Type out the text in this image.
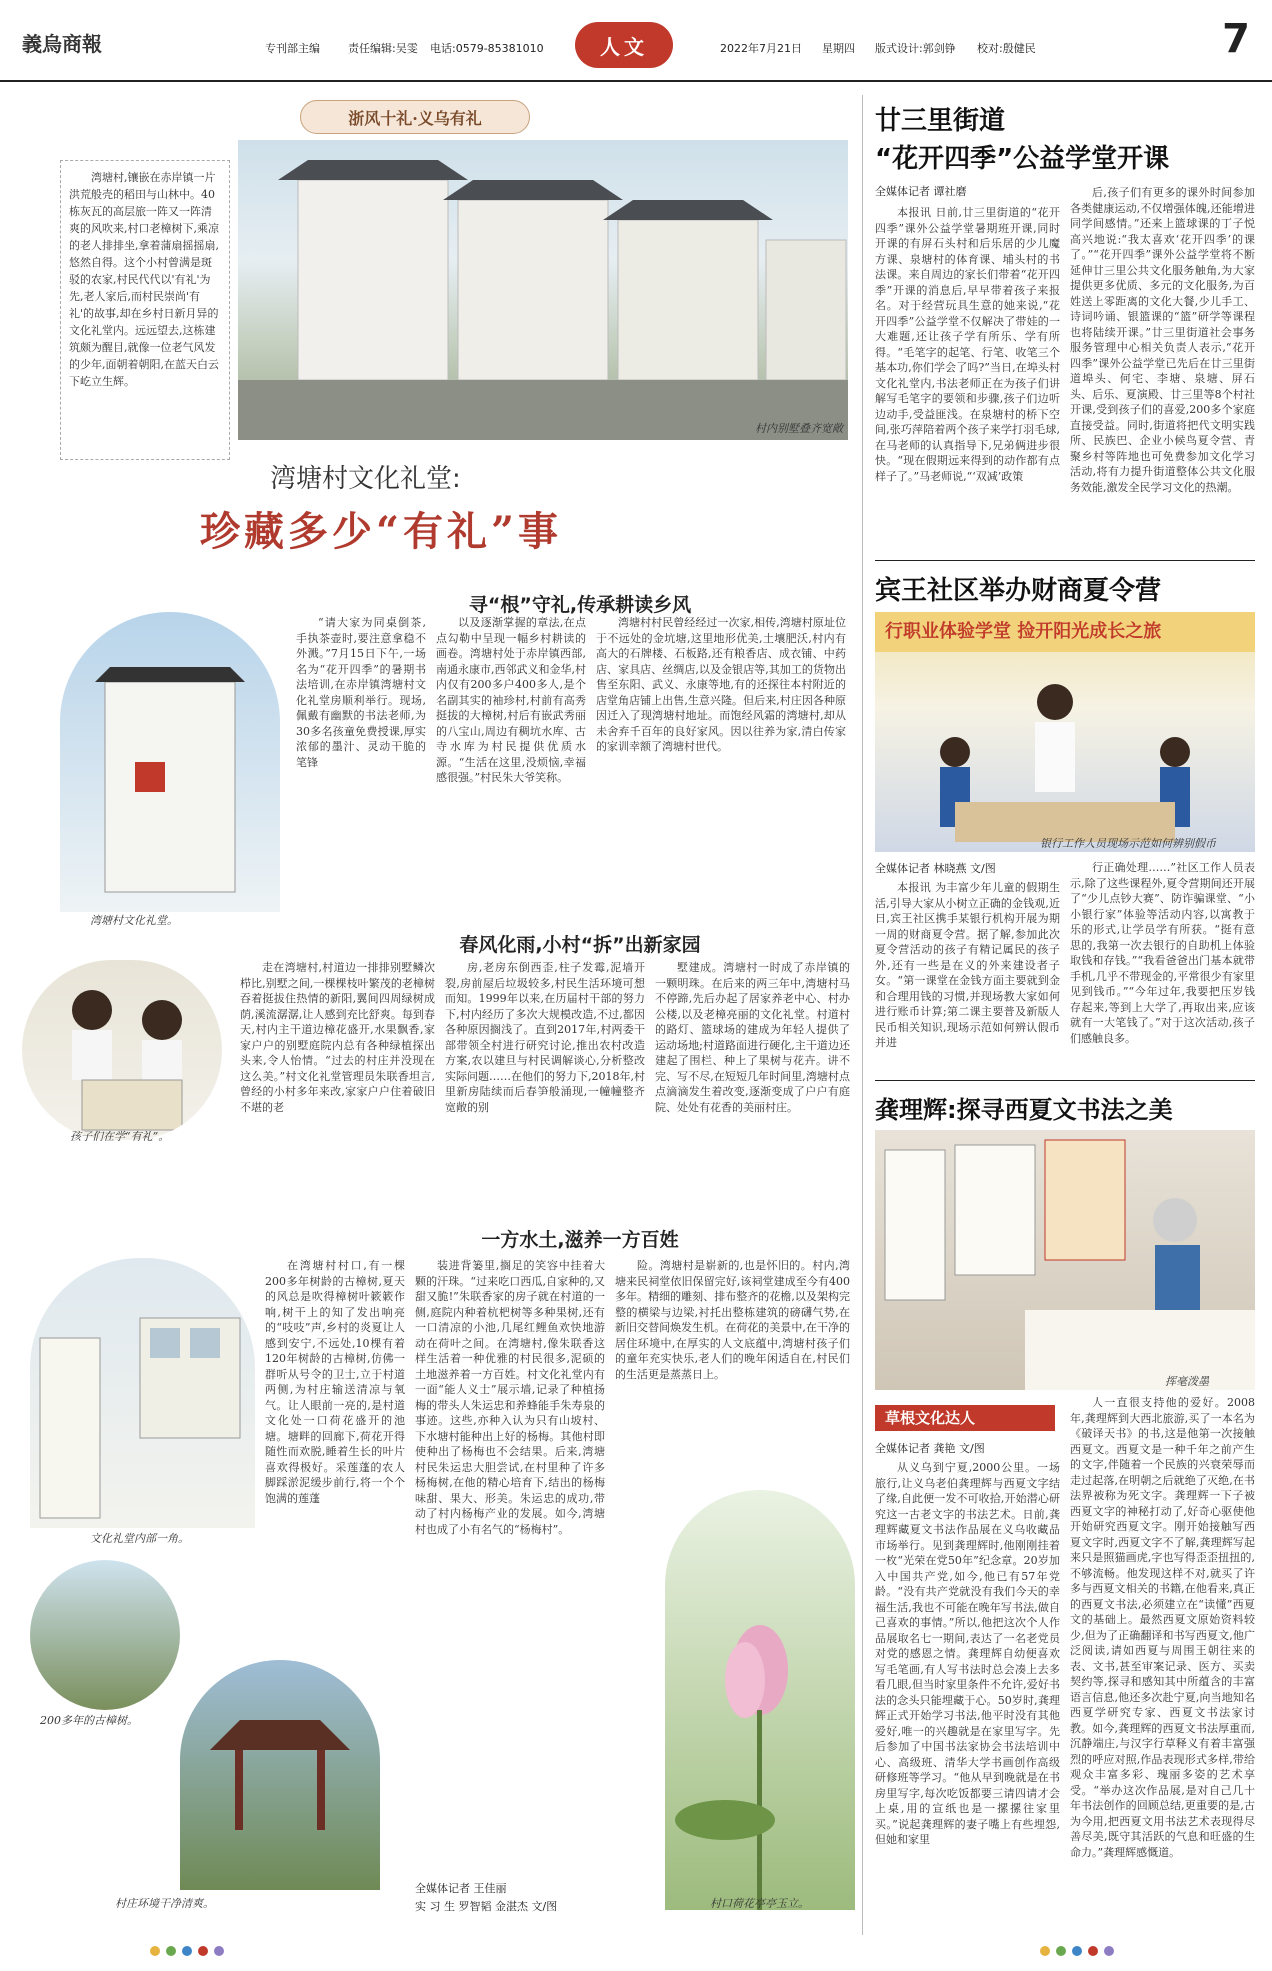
義烏商報	专刊部主编	责任编辑:吴雯 电话:0579-85381010	人文	2022年7月21日 星期四 版式设计:郭剑铮 校对:殷健民	7
浙风十礼·义乌有礼
湾塘村,镶嵌在赤岸镇一片洪荒般壳的稻田与山林中。40栋灰瓦的高层旅一阵又一阵清爽的风吹来,村口老樟树下,乘凉的老人排排坐,拿着蒲扇摇摇扇,悠然自得。这个小村曾满是斑驳的农家,村民代代以'有礼'为先,老人家后,而村民崇尚'有礼'的故事,却在乡村日新月异的文化礼堂内。远远望去,这栋建筑颇为醒目,就像一位老气风发的少年,面朝着朝阳,在蓝天白云下屹立生辉。
村内别墅叠齐宽敞
湾塘村文化礼堂:
珍藏多少“有礼”事
寻“根”守礼,传承耕读乡风
湾塘村文化礼堂。
“请大家为同桌倒茶,手执茶壶时,要注意拿稳不外溅。”7月15日下午,一场名为“花开四季”的暑期书法培训,在赤岸镇湾塘村文化礼堂房顺利举行。现场,佩戴有幽默的书法老师,为30多名孩童免费授课,厚实浓郁的墨汁、灵动干脆的笔锋
以及逐渐掌握的章法,在点点勾勒中呈现一幅乡村耕读的画卷。湾塘村处于赤岸镇西部,南通永康市,西邻武义和金华,村内仅有200多户400多人,是个名副其实的袖珍村,村前有高秀挺拔的大樟树,村后有嵌武秀丽的八宝山,周边有稠坑水库、古寺水库为村民提供优质水源。“生活在这里,没烦恼,幸福感很强。”村民朱大爷笑称。
湾塘村村民曾经经过一次家,相传,湾塘村原址位于不远处的金坑塘,这里地形优美,土壤肥沃,村内有高大的石牌楼、石板路,还有粮香店、成衣铺、中药店、家具店、丝绸店,以及金银店等,其加工的货物出售至东阳、武义、永康等地,有的还探往本村附近的店堂角店铺上出售,生意兴隆。但后来,村庄因各种原因迁入了现湾塘村地址。而饱经风霜的湾塘村,却从未舍弃千百年的良好家风。因以往养为家,清白传家的家训幸额了湾塘村世代。
春风化雨,小村“拆”出新家园
孩子们在学“有礼”。
走在湾塘村,村道边一排排别墅鳞次栉比,别墅之间,一棵棵枝叶繁茂的老樟树吞着挺拔住热情的新阳,翼间四周绿树成荫,溪流潺潺,让人感到充比舒爽。每到春天,村内主干道边樟花盛开,水果飘香,家家户户的别墅庭院内总有各种绿植探出头来,令人怡情。“过去的村庄并没现在这么美。”村文化礼堂管理员朱联香坦言,曾经的小村多年来改,家家户户住着破旧不堪的老
房,老房东倒西歪,柱子发霉,泥墙开裂,房前屋后垃圾较多,村民生活环境可想而知。1999年以来,在历届村干部的努力下,村内经历了多次大规模改造,不过,都因各种原因搁浅了。直到2017年,村两委干部带领全村进行研究讨论,推出农村改造方案,农以建旦与村民调解谈心,分析整改实际问题……在他们的努力下,2018年,村里新房陆续而后春笋般涌现,一幢幢整齐宽敞的别
墅建成。湾塘村一时成了赤岸镇的一颗明珠。在后来的两三年中,湾塘村马不停蹄,先后办起了居家养老中心、村办公楼,以及老樟亮丽的文化礼堂。村道村的路灯、篮球场的建成为年轻人提供了运动场地;村道路面进行硬化,主干道边还建起了围栏、种上了果树与花卉。讲不完、写不尽,在短短几年时间里,湾塘村点点滴滴发生着改变,逐渐变成了户户有庭院、处处有花香的美丽村庄。
一方水土,滋养一方百姓
文化礼堂内部一角。
200多年的古樟树。
村庄环境干净清爽。
在湾塘村村口,有一棵200多年树龄的古樟树,夏天的风总是吹得樟树叶簌簌作响,树干上的知了发出响亮的“吱吱”声,乡村的炎夏让人感到安宁,不远处,10棵有着120年树龄的古樟树,仿佛一群听从号令的卫士,立于村道两侧,为村庄输送清凉与氧气。让人眼前一亮的,是村道文化处一口荷花盛开的池塘。塘畔的回廊下,荷花开得随性而欢脱,睡着生长的叶片喜欢得极好。采莲蓬的农人脚踩淤泥缓步前行,将一个个饱满的莲蓬
装进背篓里,搁足的笑容中挂着大颗的汗珠。“过来吃口西瓜,自家种的,又甜又脆!”朱联香家的房子就在村道的一侧,庭院内种着杭杷树等多种果树,还有一口清凉的小池,几尾红鲤鱼欢快地游动在荷叶之间。在湾塘村,像朱联香这样生活着一种优雅的村民很多,泥硕的土地滋养着一方百姓。村文化礼堂内有一面“能人义士”展示墙,记录了种植扬梅的带头人朱运忠和养蜂能手朱寿泉的事迹。这些,亦种入认为只有山坡村、下水塘村能种出上好的杨梅。其他村即使种出了杨梅也不会结果。后来,湾塘村民朱运忠大胆尝试,在村里种了许多杨梅树,在他的精心培育下,结出的杨梅味甜、果大、形美。朱运忠的成功,带动了村内杨梅产业的发展。如今,湾塘村也成了小有名气的“杨梅村”。
险。湾塘村是崭新的,也是怀旧的。村内,湾塘来民祠堂依旧保留完好,该祠堂建成至今有400多年。精细的雕刻、排布整齐的花檐,以及架构完整的横梁与边梁,衬托出整栋建筑的磅礴气势,在新旧交替间焕发生机。在荷花的美景中,在干净的居住环境中,在厚实的人文底蕴中,湾塘村孩子们的童年充实快乐,老人们的晚年闲适自在,村民们的生活更是蒸蒸日上。
村口荷花亭亭玉立。
全媒体记者 王佳丽
实 习 生 罗智韬 金湛杰 文/图
廿三里街道
“花开四季”公益学堂开课
全媒体记者 谭社磨
本报讯 日前,廿三里街道的“花开四季”课外公益学堂暑期班开课,同时开课的有屏石头村和后乐居的少儿魔方课、泉塘村的体育课、埔头村的书法课。来自周边的家长们带着“花开四季”开课的消息后,早早带着孩子来报名。对于经营玩具生意的她来说,“花开四季”公益学堂不仅解决了带娃的一大难题,还让孩子学有所乐、学有所得。“毛笔字的起笔、行笔、收笔三个基本功,你们学会了吗?”当日,在埠头村文化礼堂内,书法老师正在为孩子们讲解写毛笔字的要领和步骤,孩子们边听边动手,受益匪浅。在泉塘村的桥下空间,张巧萍陪着两个孩子来学打羽毛球,在马老师的认真指导下,兄弟俩进步很快。“现在假期远来得到的动作都有点样子了。”马老师说,“‘双减’政策
后,孩子们有更多的课外时间参加各类健康运动,不仅增强体魄,还能增进同学间感情。”还来上篮球课的丁子悦高兴地说:“我太喜欢‘花开四季’的课了。”“花开四季”课外公益学堂将不断延伸廿三里公共文化服务触角,为大家提供更多优质、多元的文化服务,为百姓送上零距离的文化大餐,少儿手工、诗词吟诵、银篮课的“篮”研学等课程也将陆续开课。”廿三里街道社会事务服务管理中心相关负责人表示,“花开四季”课外公益学堂已先后在廿三里街道埠头、何宅、李塘、泉塘、屏石头、后乐、夏演殿、廿三里等8个村社开课,受到孩子们的喜爱,200多个家庭直接受益。同时,街道将把代文明实践所、民族巴、企业小候鸟夏令营、青聚乡村等阵地也可免费参加文化学习活动,将有力提升街道整体公共文化服务效能,激发全民学习文化的热潮。
宾王社区举办财商夏令营
行职业体验学堂 捡开阳光成长之旅
银行工作人员现场示范如何辨别假币
全媒体记者 林晓燕 文/图
本报讯 为丰富少年儿童的假期生活,引导大家从小树立正确的金钱观,近日,宾王社区携手某银行机构开展为期一周的财商夏令营。据了解,参加此次夏令营活动的孩子有精记属民的孩子外,还有一些是在义的外来建设者子女。“第一课堂在金钱方面主要就到金和合理用钱的习惯,并现场教大家如何进行账币计算;第二课主要普及新版人民币相关知识,现场示范如何辨认假币并进
行正确处理……”社区工作人员表示,除了这些课程外,夏令营期间还开展了“少儿点钞大赛”、防诈骗课堂、“小小银行家”体验等活动内容,以寓教于乐的形式,让学员学有所获。“挺有意思的,我第一次去银行的自助机上体验取钱和存钱。”“我看爸爸出门基本就带手机,几乎不带现金的,平常很少有家里见到钱币。”“今年过年,我要把压岁钱存起来,等到上大学了,再取出来,应该就有一大笔钱了。”对于这次活动,孩子们感触良多。
龚理辉:探寻西夏文书法之美
挥毫泼墨
草根文化达人
全媒体记者 龚艳 文/图
从义乌到宁夏,2000公里。一场旅行,让义乌老伯龚理辉与西夏文字结了缘,自此便一发不可收拾,开始潜心研究这一古老文字的书法艺术。日前,龚理辉藏夏文书法作品展在义乌收藏品市场举行。见到龚理辉时,他刚刚挂着一枚“光荣在党50年”纪念章。20岁加入中国共产党,如今,他已有57年党龄。“没有共产党就没有我们今天的幸福生活,我也不可能在晚年写书法,做自己喜欢的事情。”所以,他把这次个人作品展取名七一期间,表达了一名老党员对党的感恩之情。龚理辉自幼便喜欢写毛笔画,有人写书法时总会凑上去多看几眼,但当时家里条件不允许,爱好书法的念头只能埋藏于心。50岁时,龚理辉正式开始学习书法,他平时没有其他爱好,唯一的兴趣就是在家里写字。先后参加了中国书法家协会书法培训中心、高级班、清华大学书画创作高级研修班等学习。“他从早到晚就是在书房里写字,每次吃饭都要三请四请才会上桌,用的宣纸也是一摞摞往家里买。”说起龚理辉的妻子嘴上有些埋怨,但她和家里
人一直很支持他的爱好。2008年,龚理辉到大西北旅游,买了一本名为《破译天书》的书,这是他第一次接触西夏文。西夏文是一种千年之前产生的文字,伴随着一个民族的兴衰荣辱而走过起落,在明朝之后就绝了灭绝,在书法界被称为死文字。龚理辉一下子被西夏文字的神秘打动了,好奇心驱使他开始研究西夏文字。刚开始接触写西夏文字时,西夏文字不了解,龚理辉写起来只是照猫画虎,字也写得歪歪扭扭的,不够流畅。他发现这样不对,就买了许多与西夏文相关的书籍,在他看来,真正的西夏文书法,必须建立在“读懂”西夏文的基础上。最然西夏文原始资料较少,但为了正确翻译和书写西夏文,他广泛阅读,请如西夏与周围王朝往来的表、文书,甚至审案记录、医方、买卖契约等,探寻和感知其中所蕴含的丰富语言信息,他还多次赴宁夏,向当地知名西夏学研究专家、西夏文书法家讨教。如今,龚理辉的西夏文书法厚重而,沉静端庄,与汉字行草释义有着丰富强烈的呼应对照,作品表现形式多样,带给观众丰富多彩、瑰丽多姿的艺术享受。“举办这次作品展,是对自己几十年书法创作的回顾总结,更重要的是,古为今用,把西夏文用书法艺术表现得尽善尽美,既守其活跃的气息和旺盛的生命力。”龚理辉感慨道。
